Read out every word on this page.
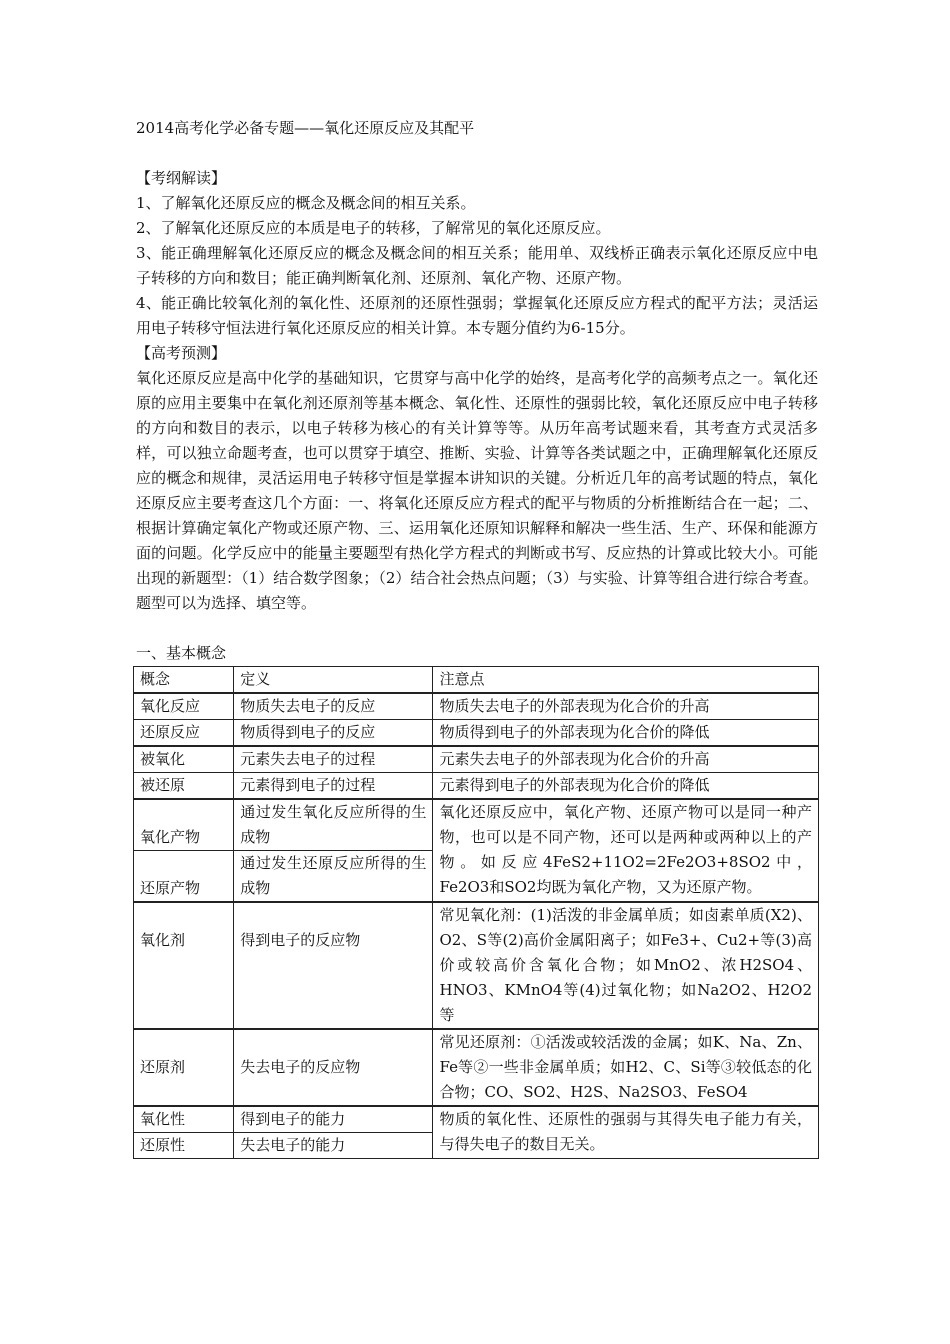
2014高考化学必备专题——氧化还原反应及其配平

【考纲解读】

1、了解氧化还原反应的概念及概念间的相互关系。

2、了解氧化还原反应的本质是电子的转移，了解常见的氧化还原反应。

3、能正确理解氧化还原反应的概念及概念间的相互关系；能用单、双线桥正确表示氧化还原反应中电子转移的方向和数目；能正确判断氧化剂、还原剂、氧化产物、还原产物。

4、能正确比较氧化剂的氧化性、还原剂的还原性强弱；掌握氧化还原反应方程式的配平方法；灵活运用电子转移守恒法进行氧化还原反应的相关计算。本专题分值约为6-15分。

【高考预测】

氧化还原反应是高中化学的基础知识，它贯穿与高中化学的始终，是高考化学的高频考点之一。氧化还原的应用主要集中在氧化剂还原剂等基本概念、氧化性、还原性的强弱比较，氧化还原反应中电子转移的方向和数目的表示，以电子转移为核心的有关计算等等。从历年高考试题来看，其考查方式灵活多样，可以独立命题考查，也可以贯穿于填空、推断、实验、计算等各类试题之中，正确理解氧化还原反应的概念和规律，灵活运用电子转移守恒是掌握本讲知识的关键。分析近几年的高考试题的特点，氧化还原反应主要考查这几个方面：一、将氧化还原反应方程式的配平与物质的分析推断结合在一起；二、根据计算确定氧化产物或还原产物、三、运用氧化还原知识解释和解决一些生活、生产、环保和能源方面的问题。化学反应中的能量主要题型有热化学方程式的判断或书写、反应热的计算或比较大小。可能出现的新题型：（1）结合数学图象；（2）结合社会热点问题；（3）与实验、计算等组合进行综合考查。题型可以为选择、填空等。

一、基本概念

概念	定义	注意点
氧化反应	物质失去电子的反应	物质失去电子的外部表现为化合价的升高
还原反应	物质得到电子的反应	物质得到电子的外部表现为化合价的降低
被氧化	元素失去电子的过程	元素失去电子的外部表现为化合价的升高
被还原	元素得到电子的过程	元素得到电子的外部表现为化合价的降低
氧化产物	通过发生氧化反应所得的生成物	氧化还原反应中，氧化产物、还原产物可以是同一种产物，也可以是不同产物，还可以是两种或两种以上的产物。如反应4FeS2+11O2=2Fe2O3+8SO2中，Fe2O3和SO2均既为氧化产物，又为还原产物。
还原产物	通过发生还原反应所得的生成物	
氧化剂	得到电子的反应物	常见氧化剂：(1)活泼的非金属单质；如卤素单质(X2)、O2、S等(2)高价金属阳离子；如Fe3+、Cu2+等(3)高价或较高价含氧化合物；如MnO2、浓H2SO4、HNO3、KMnO4等(4)过氧化物；如Na2O2、H2O2等
还原剂	失去电子的反应物	常见还原剂：①活泼或较活泼的金属；如K、Na、Zn、Fe等②一些非金属单质；如H2、C、Si等③较低态的化合物；CO、SO2、H2S、Na2SO3、FeSO4
氧化性	得到电子的能力	物质的氧化性、还原性的强弱与其得失电子能力有关，与得失电子的数目无关。
还原性	失去电子的能力	
